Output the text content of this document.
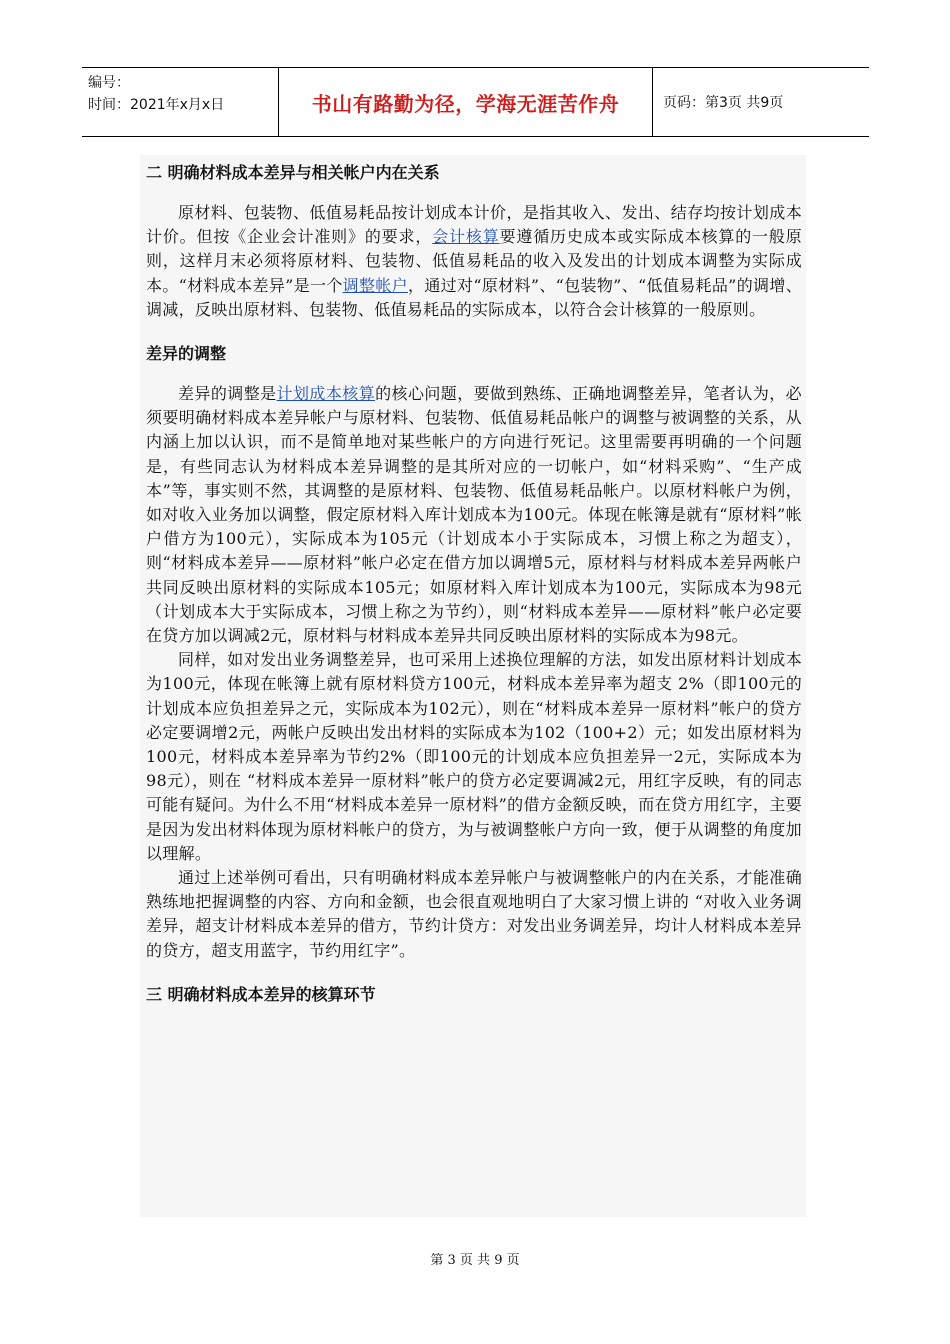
编号：
时间：2021年x月x日	书山有路勤为径，学海无涯苦作舟	页码：第3页 共9页
二 明确材料成本差异与相关帐户内在关系

原材料、包装物、低值易耗品按计划成本计价，是指其收入、发出、结存均按计划成本计价。但按《企业会计准则》的要求，会计核算要遵循历史成本或实际成本核算的一般原则，这样月末必须将原材料、包装物、低值易耗品的收入及发出的计划成本调整为实际成本。“材料成本差异”是一个调整帐户，通过对“原材料”、“包装物”、“低值易耗品”的调增、调减，反映出原材料、包装物、低值易耗品的实际成本，以符合会计核算的一般原则。

差异的调整

差异的调整是计划成本核算的核心问题，要做到熟练、正确地调整差异，笔者认为，必须要明确材料成本差异帐户与原材料、包装物、低值易耗品帐户的调整与被调整的关系，从内涵上加以认识，而不是简单地对某些帐户的方向进行死记。这里需要再明确的一个问题是，有些同志认为材料成本差异调整的是其所对应的一切帐户，如“材料采购”、“生产成本”等，事实则不然，其调整的是原材料、包装物、低值易耗品帐户。以原材料帐户为例，如对收入业务加以调整，假定原材料入库计划成本为100元。体现在帐簿是就有“原材料”帐户借方为100元），实际成本为105元（计划成本小于实际成本，习惯上称之为超支），则“材料成本差异——原材料”帐户必定在借方加以调增5元，原材料与材料成本差异两帐户共同反映出原材料的实际成本105元；如原材料入库计划成本为100元，实际成本为98元（计划成本大于实际成本，习惯上称之为节约），则“材料成本差异——原材料”帐户必定要在贷方加以调减2元，原材料与材料成本差异共同反映出原材料的实际成本为98元。

同样，如对发出业务调整差异，也可采用上述换位理解的方法，如发出原材料计划成本为100元，体现在帐簿上就有原材料贷方100元，材料成本差异率为超支 2%（即100元的计划成本应负担差异之元，实际成本为102元），则在“材料成本差异一原材料”帐户的贷方必定要调增2元，两帐户反映出发出材料的实际成本为102（100+2）元；如发出原材料为100元，材料成本差异率为节约2%（即100元的计划成本应负担差异一2元，实际成本为98元），则在 “材料成本差异一原材料”帐户的贷方必定要调减2元，用红字反映，有的同志可能有疑问。为什么不用“材料成本差异一原材料”的借方金额反映，而在贷方用红字，主要是因为发出材料体现为原材料帐户的贷方，为与被调整帐户方向一致，便于从调整的角度加以理解。

通过上述举例可看出，只有明确材料成本差异帐户与被调整帐户的内在关系，才能准确熟练地把握调整的内容、方向和金额，也会很直观地明白了大家习惯上讲的 “对收入业务调差异，超支计材料成本差异的借方，节约计贷方：对发出业务调差异，均计人材料成本差异的贷方，超支用蓝字，节约用红字”。

三 明确材料成本差异的核算环节
第 3 页 共 9 页
